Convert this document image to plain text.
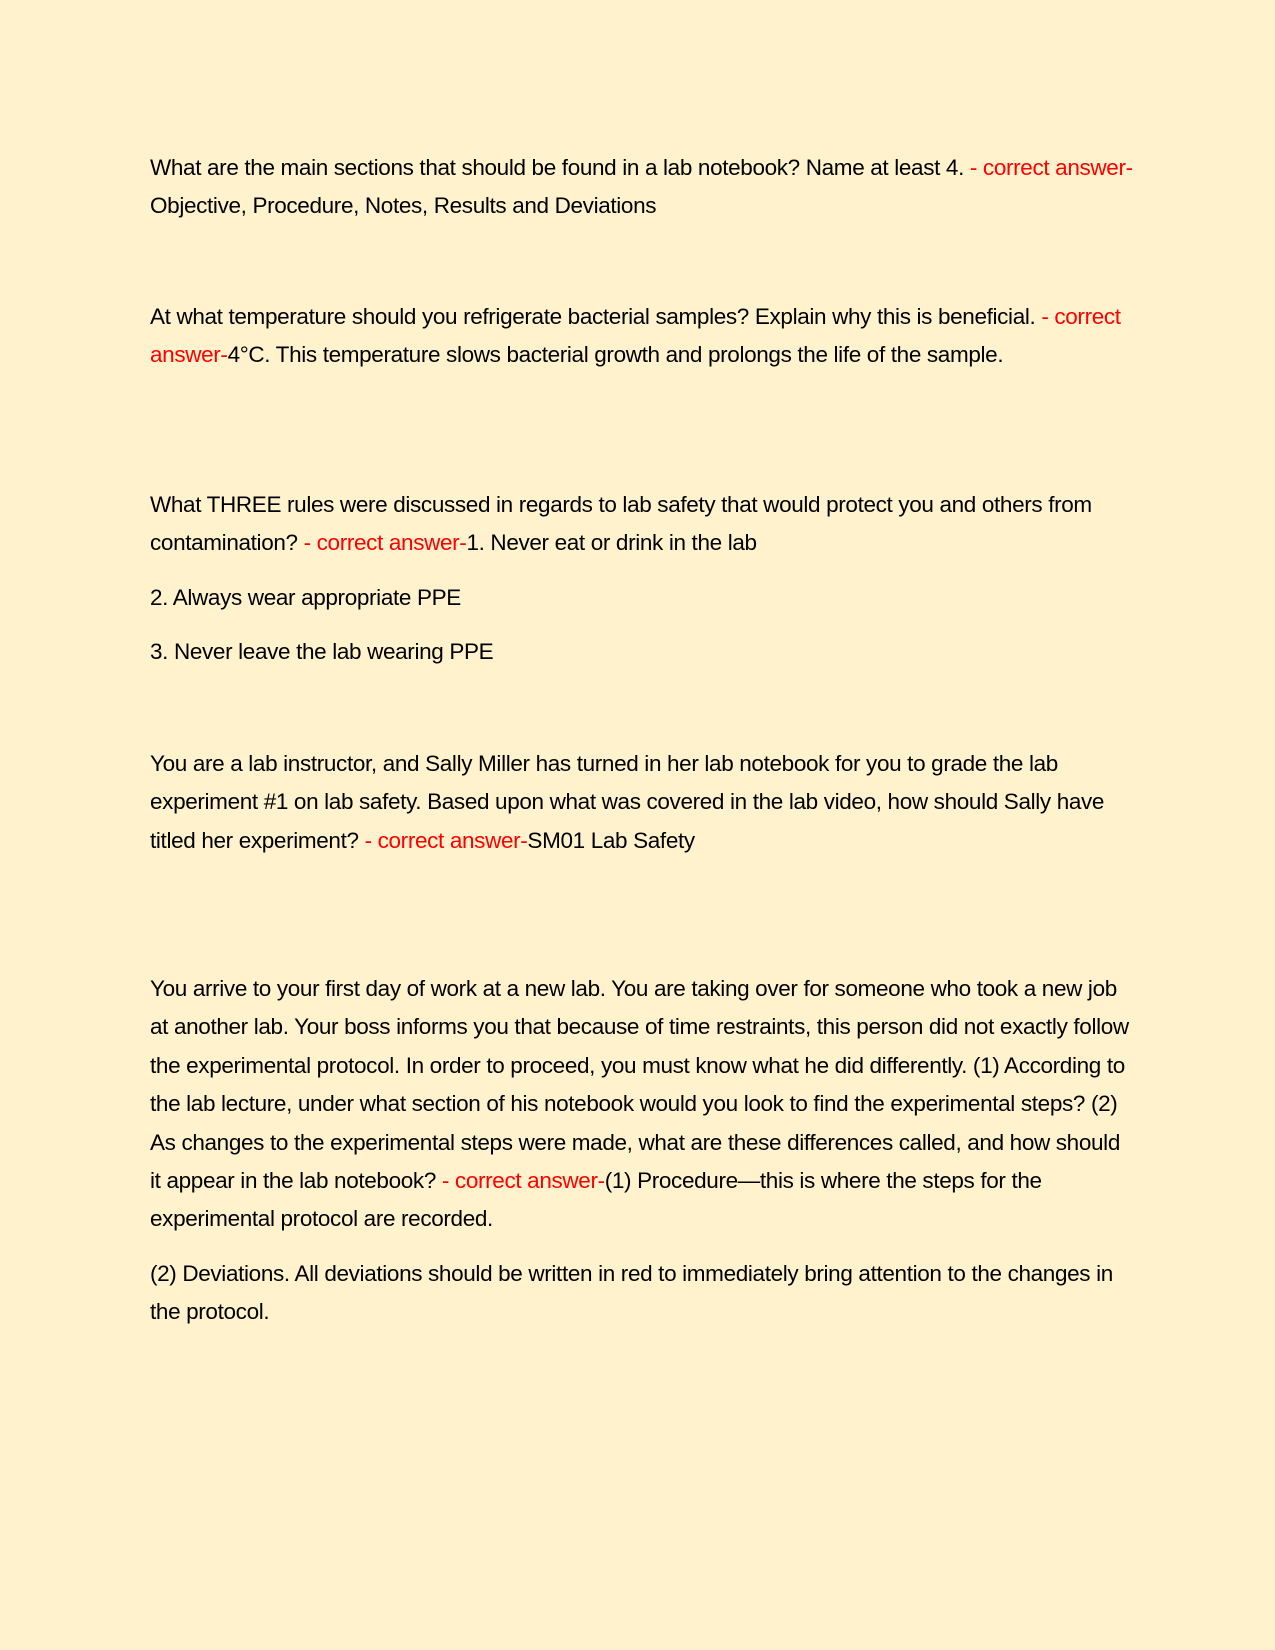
What are the main sections that should be found in a lab notebook? Name at least 4. - correct answer-Objective, Procedure, Notes, Results and Deviations

At what temperature should you refrigerate bacterial samples? Explain why this is beneficial. - correct answer-4°C. This temperature slows bacterial growth and prolongs the life of the sample.

What THREE rules were discussed in regards to lab safety that would protect you and others from contamination? - correct answer-1. Never eat or drink in the lab

2. Always wear appropriate PPE

3. Never leave the lab wearing PPE

You are a lab instructor, and Sally Miller has turned in her lab notebook for you to grade the lab experiment #1 on lab safety. Based upon what was covered in the lab video, how should Sally have titled her experiment? - correct answer-SM01 Lab Safety

You arrive to your first day of work at a new lab. You are taking over for someone who took a new job at another lab. Your boss informs you that because of time restraints, this person did not exactly follow the experimental protocol. In order to proceed, you must know what he did differently. (1) According to the lab lecture, under what section of his notebook would you look to find the experimental steps? (2) As changes to the experimental steps were made, what are these differences called, and how should it appear in the lab notebook? - correct answer-(1) Procedure—this is where the steps for the experimental protocol are recorded.

(2) Deviations. All deviations should be written in red to immediately bring attention to the changes in the protocol.
